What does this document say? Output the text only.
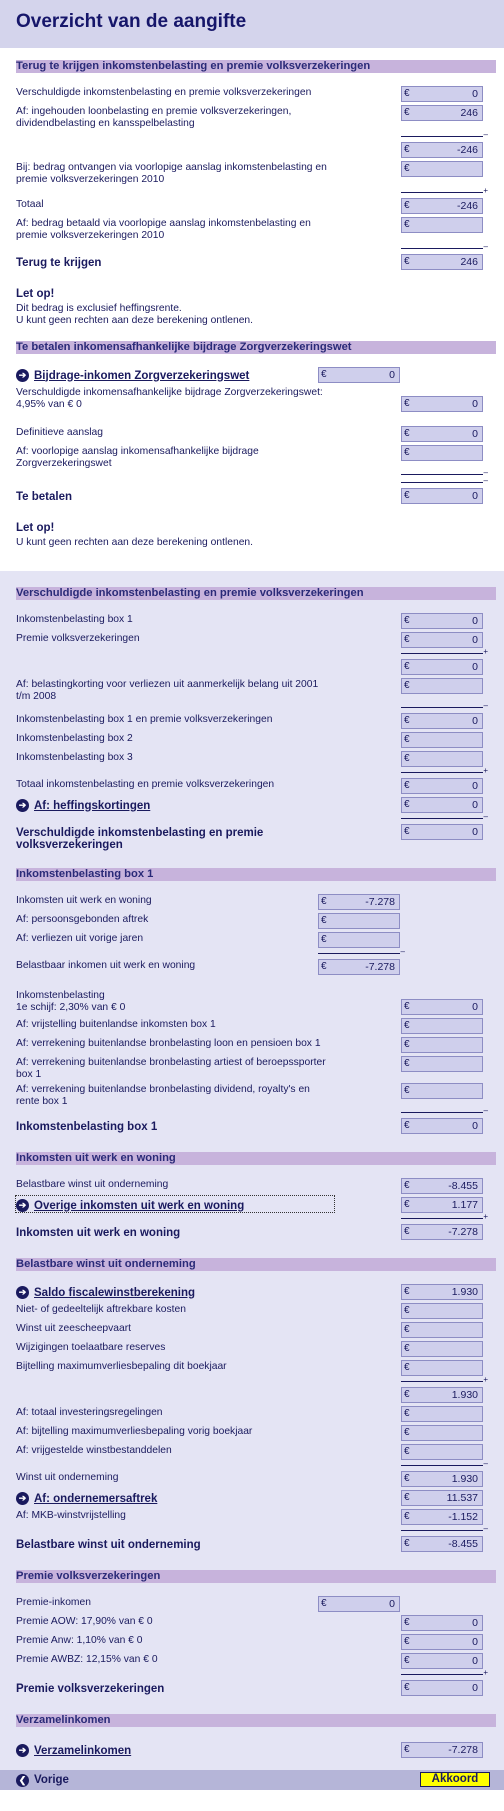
Overzicht van de aangifte
Terug te krijgen inkomstenbelasting en premie volksverzekeringen
Verschuldigde inkomstenbelasting en premie volksverzekeringen	€	0
Af: ingehouden loonbelasting en premie volksverzekeringen, dividendbelasting en kansspelbelasting
€	246
–
€	-246
Bij: bedrag ontvangen via voorlopige aanslag inkomstenbelasting en premie volksverzekeringen 2010
€
+
Totaal	€	-246
Af: bedrag betaald via voorlopige aanslag inkomstenbelasting en premie volksverzekeringen 2010
€
–
Terug te krijgen	€	246
Let op!
Dit bedrag is exclusief heffingsrente.
U kunt geen rechten aan deze berekening ontlenen.
Te betalen inkomensafhankelijke bijdrage Zorgverzekeringswet
➔ Bijdrage-inkomen Zorgverzekeringswet	€	0
Verschuldigde inkomensafhankelijke bijdrage Zorgverzekeringswet: 4,95% van € 0	€	0
Definitieve aanslag	€	0
Af: voorlopige aanslag inkomensafhankelijke bijdrage Zorgverzekeringswet
€
–
–
Te betalen	€	0
Let op!
U kunt geen rechten aan deze berekening ontlenen.
Verschuldigde inkomstenbelasting en premie volksverzekeringen
Inkomstenbelasting box 1	€	0
Premie volksverzekeringen	€	0
+
€	0
Af: belastingkorting voor verliezen uit aanmerkelijk belang uit 2001 t/m 2008
€
–
Inkomstenbelasting box 1 en premie volksverzekeringen	€	0
Inkomstenbelasting box 2	€
Inkomstenbelasting box 3	€
+
Totaal inkomstenbelasting en premie volksverzekeringen	€	0
➔ Af: heffingskortingen	€	0
–
Verschuldigde inkomstenbelasting en premie volksverzekeringen
€	0
Inkomstenbelasting box 1
Inkomsten uit werk en woning	€	-7.278
Af: persoonsgebonden aftrek	€
Af: verliezen uit vorige jaren	€
–
Belastbaar inkomen uit werk en woning	€	-7.278
Inkomstenbelasting
1e schijf: 2,30% van € 0	€	0
Af: vrijstelling buitenlandse inkomsten box 1	€
Af: verrekening buitenlandse bronbelasting loon en pensioen box 1	€
Af: verrekening buitenlandse bronbelasting artiest of beroepssporter box 1
€
Af: verrekening buitenlandse bronbelasting dividend, royalty's en rente box 1
€
–
Inkomstenbelasting box 1	€	0
Inkomsten uit werk en woning
Belastbare winst uit onderneming	€	-8.455
➔ Overige inkomsten uit werk en woning	€	1.177
+
Inkomsten uit werk en woning	€	-7.278
Belastbare winst uit onderneming
➔ Saldo fiscalewinstberekening	€	1.930
Niet- of gedeeltelijk aftrekbare kosten	€
Winst uit zeescheepvaart	€
Wijzigingen toelaatbare reserves	€
Bijtelling maximumverliesbepaling dit boekjaar	€
+
€	1.930
Af: totaal investeringsregelingen	€
Af: bijtelling maximumverliesbepaling vorig boekjaar	€
Af: vrijgestelde winstbestanddelen	€
–
Winst uit onderneming	€	1.930
➔ Af: ondernemersaftrek	€	11.537
Af: MKB-winstvrijstelling	€	-1.152
–
Belastbare winst uit onderneming	€	-8.455
Premie volksverzekeringen
Premie-inkomen	€	0
Premie AOW: 17,90% van € 0	€	0
Premie Anw: 1,10% van € 0	€	0
Premie AWBZ: 12,15% van € 0	€	0
+
Premie volksverzekeringen	€	0
Verzamelinkomen
➔ Verzamelinkomen	€	-7.278
❮ Vorige	Akkoord
